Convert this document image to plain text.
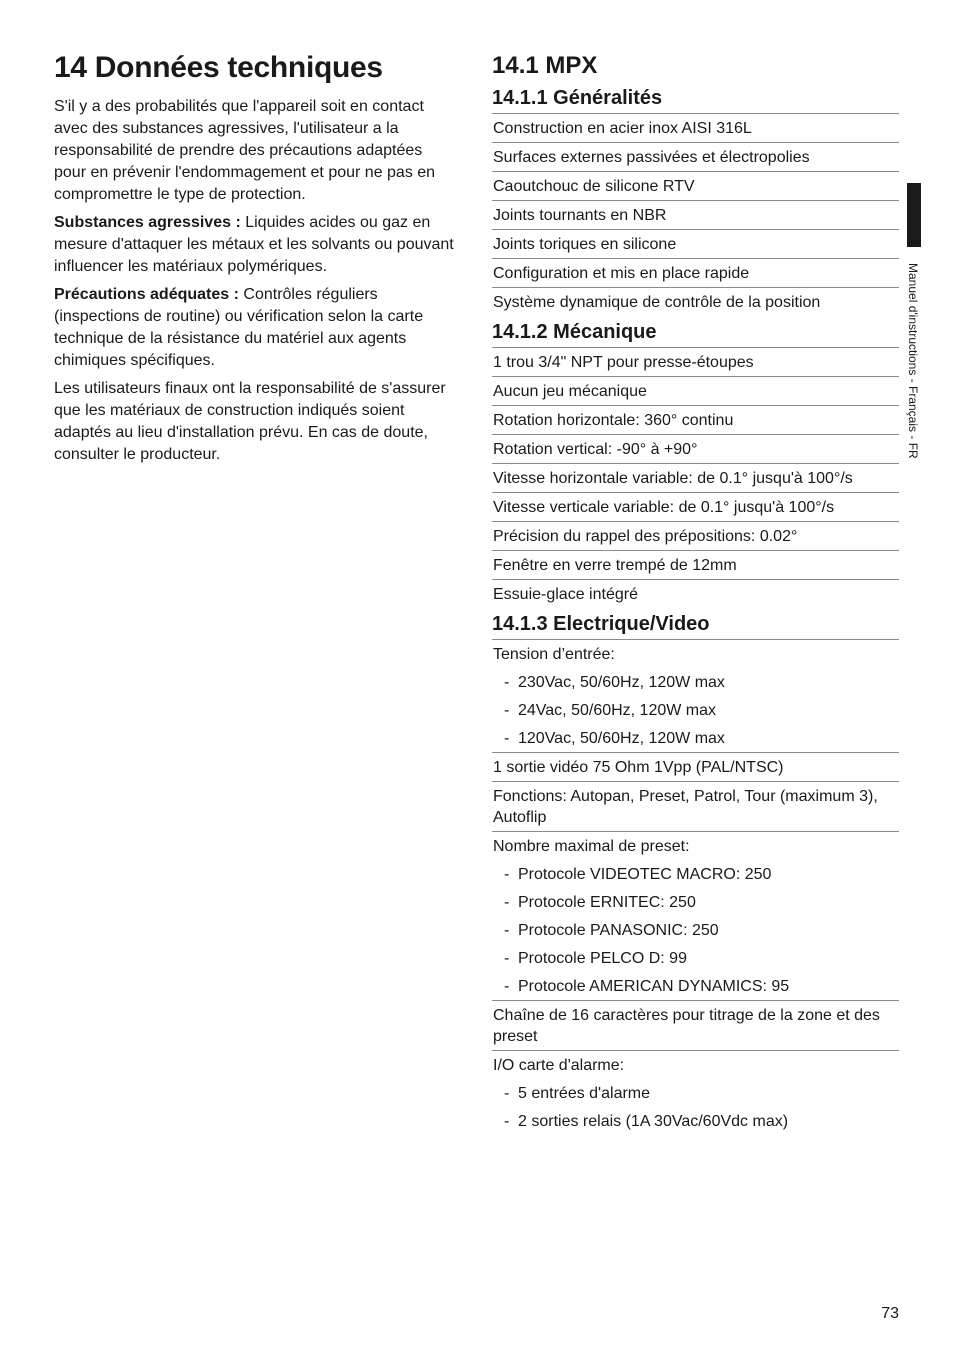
14 Données techniques

S'il y a des probabilités que l'appareil soit en contact avec des substances agressives, l'utilisateur a la responsabilité de prendre des précautions adaptées pour en prévenir l'endommagement et pour ne pas en compromettre le type de protection.

Substances agressives : Liquides acides ou gaz en mesure d'attaquer les métaux et les solvants ou pouvant influencer les matériaux polymériques.

Précautions adéquates : Contrôles réguliers (inspections de routine) ou vérification selon la carte technique de la résistance du matériel aux agents chimiques spécifiques.

Les utilisateurs finaux ont la responsabilité de s'assurer que les matériaux de construction indiqués soient adaptés au lieu d'installation prévu. En cas de doute, consulter le producteur.

14.1 MPX
14.1.1 Généralités
Construction en acier inox AISI 316L
Surfaces externes passivées et électropolies
Caoutchouc de silicone RTV
Joints tournants en NBR
Joints toriques en silicone
Configuration et mis en place rapide
Système dynamique de contrôle de la position
14.1.2 Mécanique
1 trou 3/4" NPT pour presse-étoupes
Aucun jeu mécanique
Rotation horizontale: 360° continu
Rotation vertical: -90° à +90°
Vitesse horizontale variable: de 0.1° jusqu'à 100°/s
Vitesse verticale variable: de 0.1° jusqu'à 100°/s
Précision du rappel des prépositions: 0.02°
Fenêtre en verre trempé de 12mm
Essuie-glace intégré
14.1.3 Electrique/Video
Tension d’entrée:
- 230Vac, 50/60Hz, 120W max
- 24Vac, 50/60Hz, 120W max
- 120Vac, 50/60Hz, 120W max
1 sortie vidéo 75 Ohm 1Vpp (PAL/NTSC)
Fonctions: Autopan, Preset, Patrol, Tour (maximum 3), Autoflip
Nombre maximal de preset:
- Protocole VIDEOTEC MACRO: 250
- Protocole ERNITEC: 250
- Protocole PANASONIC: 250
- Protocole PELCO D: 99
- Protocole AMERICAN DYNAMICS: 95
Chaîne de 16 caractères pour titrage de la zone et des preset
I/O carte d'alarme:
- 5 entrées d'alarme
- 2 sorties relais (1A 30Vac/60Vdc max)
Manuel d'instructions - Français - FR
73
